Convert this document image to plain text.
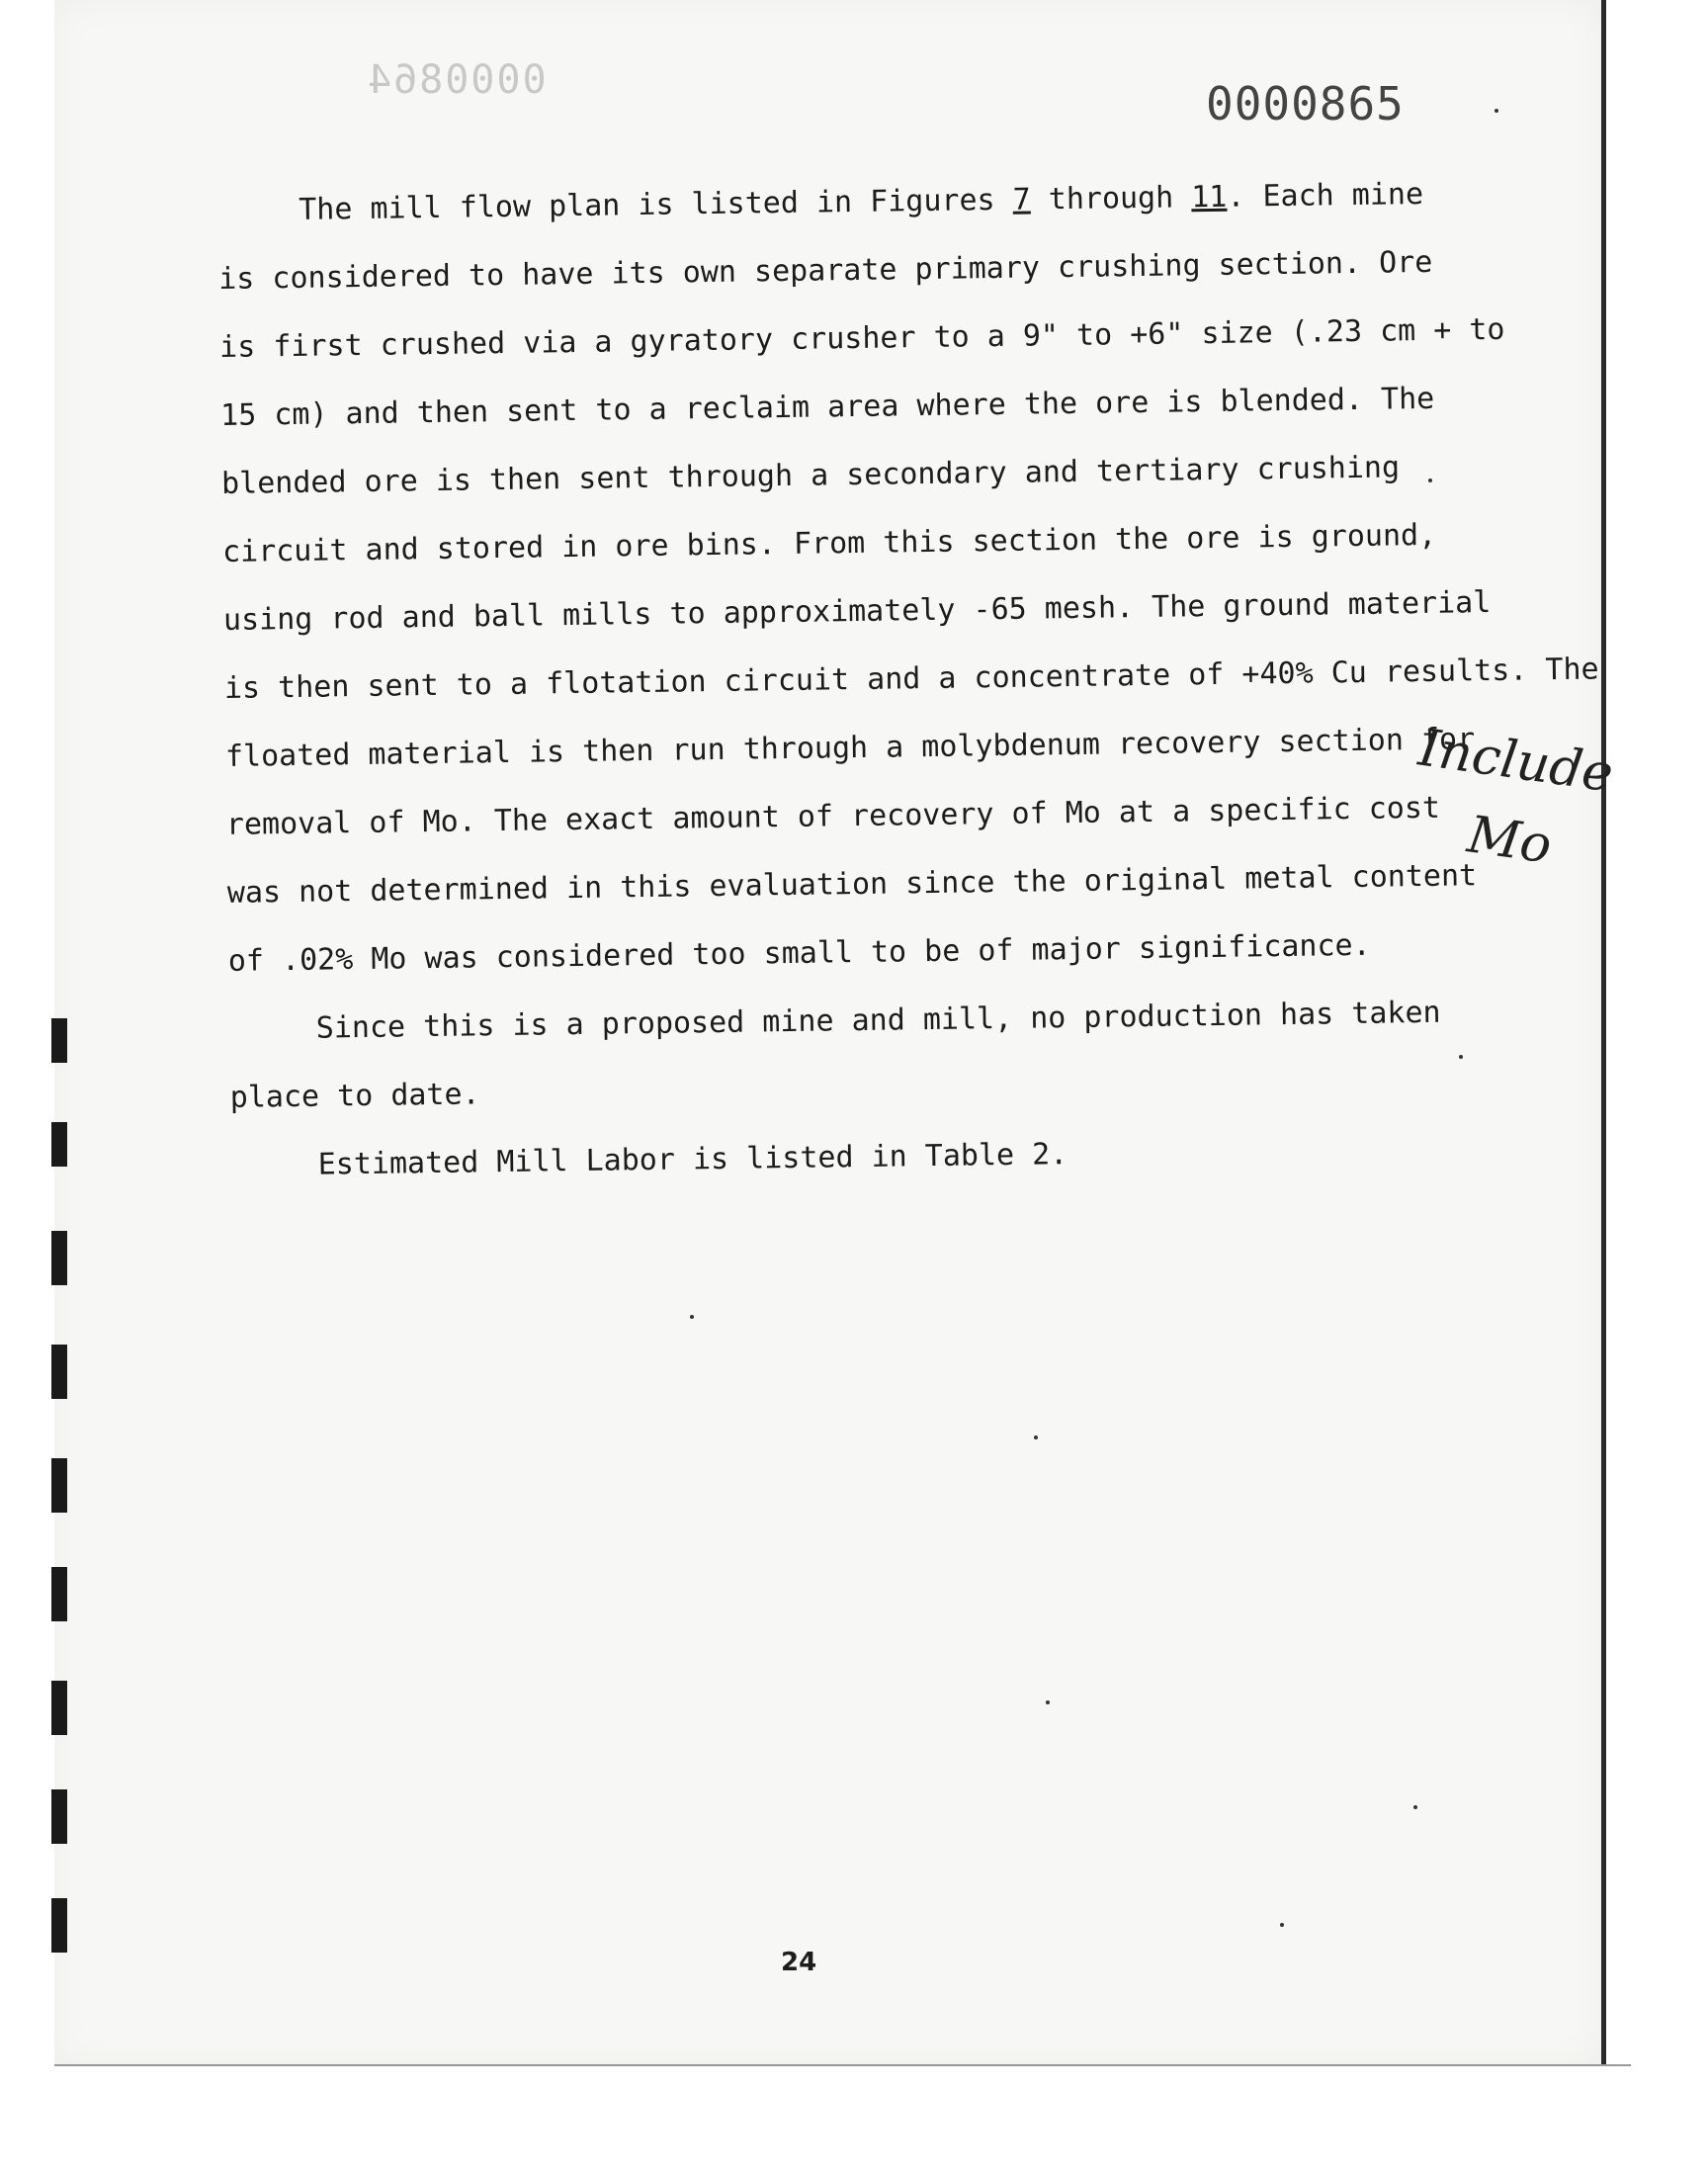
0000864	0000865
The mill flow plan is listed in Figures 7 through 11. Each mine
is considered to have its own separate primary crushing section. Ore
is first crushed via a gyratory crusher to a 9" to +6" size (.23 cm + to
15 cm) and then sent to a reclaim area where the ore is blended. The
blended ore is then sent through a secondary and tertiary crushing
circuit and stored in ore bins. From this section the ore is ground,
using rod and ball mills to approximately -65 mesh. The ground material
is then sent to a flotation circuit and a concentrate of +40% Cu results. The
floated material is then run through a molybdenum recovery section for
removal of Mo. The exact amount of recovery of Mo at a specific cost
was not determined in this evaluation since the original metal content
of .02% Mo was considered too small to be of major significance.
Since this is a proposed mine and mill, no production has taken
place to date.
Estimated Mill Labor is listed in Table 2.
Include
Mo
24
